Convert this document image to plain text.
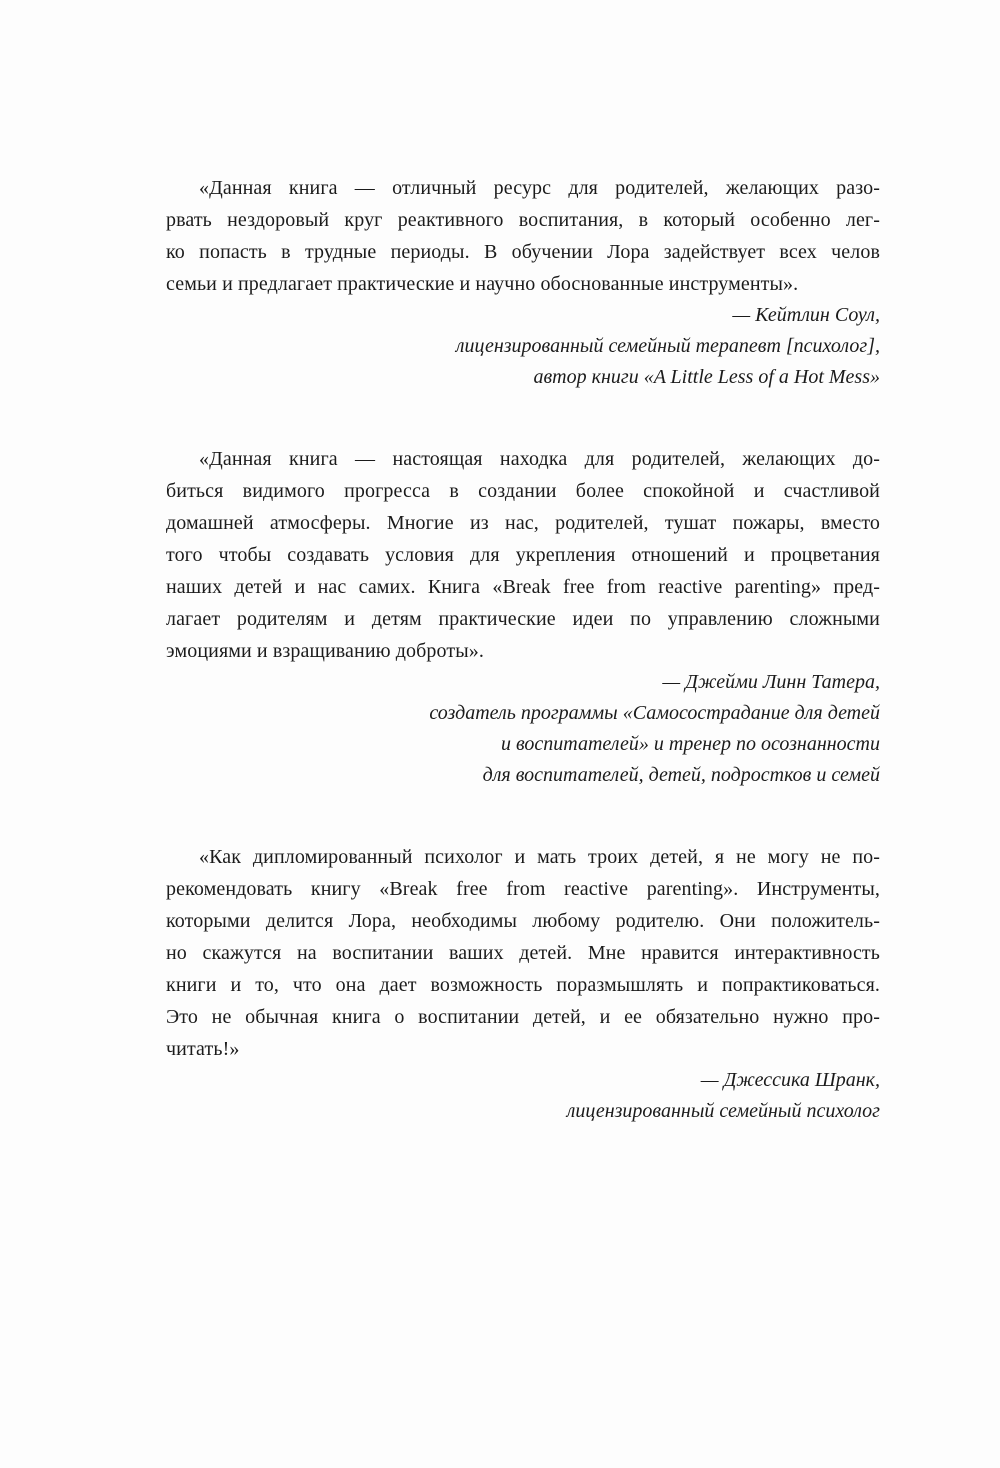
«Данная книга — отличный ресурс для родителей, желающих разо-
рвать нездоровый круг реактивного воспитания, в который особенно лег-
ко попасть в трудные периоды. В обучении Лора задействует всех челов
семьи и предлагает практические и научно обоснованные инструменты».
— Кейтлин Соул,
лицензированный семейный терапевт [психолог],
автор книги «A Little Less of a Hot Mess»
«Данная книга — настоящая находка для родителей, желающих до-
биться видимого прогресса в создании более спокойной и счастливой
домашней атмосферы. Многие из нас, родителей, тушат пожары, вместо
того чтобы создавать условия для укрепления отношений и процветания
наших детей и нас самих. Книга «Break free from reactive parenting» пред-
лагает родителям и детям практические идеи по управлению сложными
эмоциями и взращиванию доброты».
— Джейми Линн Татера,
создатель программы «Самосострадание для детей
и воспитателей» и тренер по осознанности
для воспитателей, детей, подростков и семей
«Как дипломированный психолог и мать троих детей, я не могу не по-
рекомендовать книгу «Break free from reactive parenting». Инструменты,
которыми делится Лора, необходимы любому родителю. Они положитель-
но скажутся на воспитании ваших детей. Мне нравится интерактивность
книги и то, что она дает возможность поразмышлять и попрактиковаться.
Это не обычная книга о воспитании детей, и ее обязательно нужно про-
читать!»
— Джессика Шранк,
лицензированный семейный психолог
